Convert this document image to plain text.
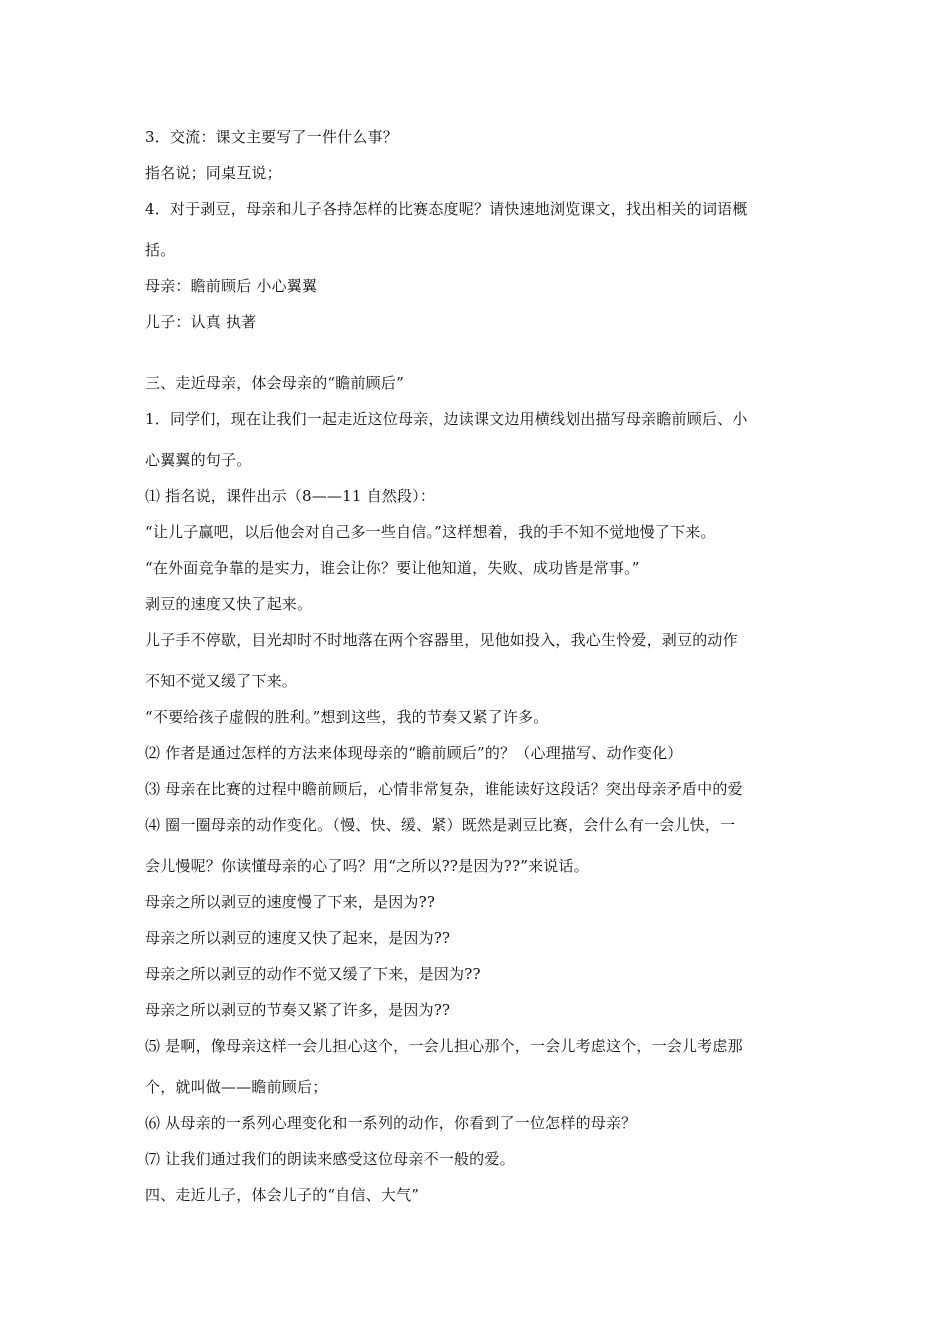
3．交流：课文主要写了一件什么事？
指名说；同桌互说；
4．对于剥豆，母亲和儿子各持怎样的比赛态度呢？请快速地浏览课文，找出相关的词语概
括。
母亲：瞻前顾后 小心翼翼
儿子：认真 执著
三、走近母亲，体会母亲的“瞻前顾后”
1．同学们，现在让我们一起走近这位母亲，边读课文边用横线划出描写母亲瞻前顾后、小
心翼翼的句子。
⑴ 指名说，课件出示（8——11 自然段）：
“让儿子赢吧，以后他会对自己多一些自信。”这样想着，我的手不知不觉地慢了下来。
“在外面竞争靠的是实力，谁会让你？要让他知道，失败、成功皆是常事。”
剥豆的速度又快了起来。
儿子手不停歇，目光却时不时地落在两个容器里，见他如投入，我心生怜爱，剥豆的动作
不知不觉又缓了下来。
“不要给孩子虚假的胜利。”想到这些，我的节奏又紧了许多。
⑵ 作者是通过怎样的方法来体现母亲的“瞻前顾后”的？（心理描写、动作变化）
⑶ 母亲在比赛的过程中瞻前顾后，心情非常复杂，谁能读好这段话？突出母亲矛盾中的爱
⑷ 圈一圈母亲的动作变化。（慢、快、缓、紧）既然是剥豆比赛，会什么有一会儿快，一
会儿慢呢？你读懂母亲的心了吗？用“之所以??是因为??”来说话。
母亲之所以剥豆的速度慢了下来，是因为??
母亲之所以剥豆的速度又快了起来，是因为??
母亲之所以剥豆的动作不觉又缓了下来，是因为??
母亲之所以剥豆的节奏又紧了许多，是因为??
⑸ 是啊，像母亲这样一会儿担心这个，一会儿担心那个，一会儿考虑这个，一会儿考虑那
个，就叫做——瞻前顾后；
⑹ 从母亲的一系列心理变化和一系列的动作，你看到了一位怎样的母亲？
⑺ 让我们通过我们的朗读来感受这位母亲不一般的爱。
四、走近儿子，体会儿子的“自信、大气”
